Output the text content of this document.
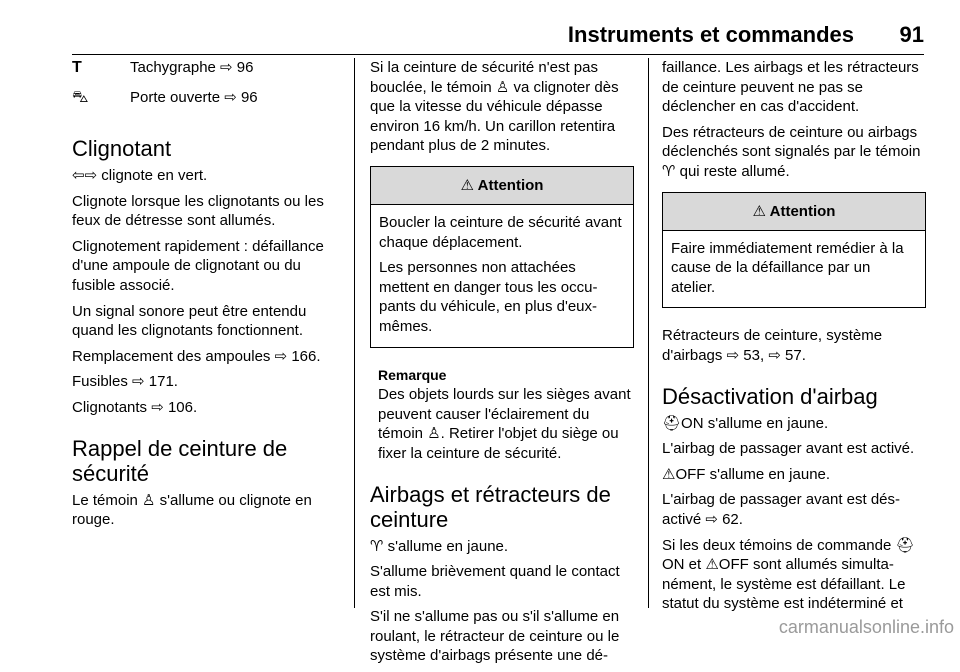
Instruments et commandes 91
T	Tachygraphe ⇨ 96
⛍	Porte ouverte ⇨ 96
Clignotant

⇦⇨ clignote en vert.

Clignote lorsque les clignotants ou les feux de détresse sont allumés.

Clignotement rapidement : défaillance d'une ampoule de clignotant ou du fusible associé.

Un signal sonore peut être entendu quand les clignotants fonctionnent.

Remplacement des ampoules ⇨ 166.

Fusibles ⇨ 171.

Clignotants ⇨ 106.

Rappel de ceinture de sécurité

Le témoin ♙ s'allume ou clignote en rouge.

Si la ceinture de sécurité n'est pas bouclée, le témoin ♙ va clignoter dès que la vitesse du véhicule dépasse environ 16 km/h. Un carillon retentira pendant plus de 2 minutes.

⚠ Attention

Boucler la ceinture de sécurité avant chaque déplacement.

Les personnes non attachées mettent en danger tous les occupants du véhicule, en plus d'eux-mêmes.

Remarque

Des objets lourds sur les sièges avant peuvent causer l'éclairement du témoin ♙. Retirer l'objet du siège ou fixer la ceinture de sécurité.

Airbags et rétracteurs de ceinture

♈ s'allume en jaune.

S'allume brièvement quand le contact est mis.

S'il ne s'allume pas ou s'il s'allume en roulant, le rétracteur de ceinture ou le système d'airbags présente une dé-

faillance. Les airbags et les rétracteurs de ceinture peuvent ne pas se déclencher en cas d'accident.

Des rétracteurs de ceinture ou airbags déclenchés sont signalés par le témoin ♈ qui reste allumé.

⚠ Attention

Faire immédiatement remédier à la cause de la défaillance par un atelier.

Rétracteurs de ceinture, système d'airbags ⇨ 53, ⇨ 57.

Désactivation d'airbag

⛑ON s'allume en jaune.

L'airbag de passager avant est activé.

⚠OFF s'allume en jaune.

L'airbag de passager avant est désactivé ⇨ 62.

Si les deux témoins de commande ⛑ON et ⚠OFF sont allumés simultanément, le système est défaillant. Le statut du système est indéterminé et

carmanualsonline.info
